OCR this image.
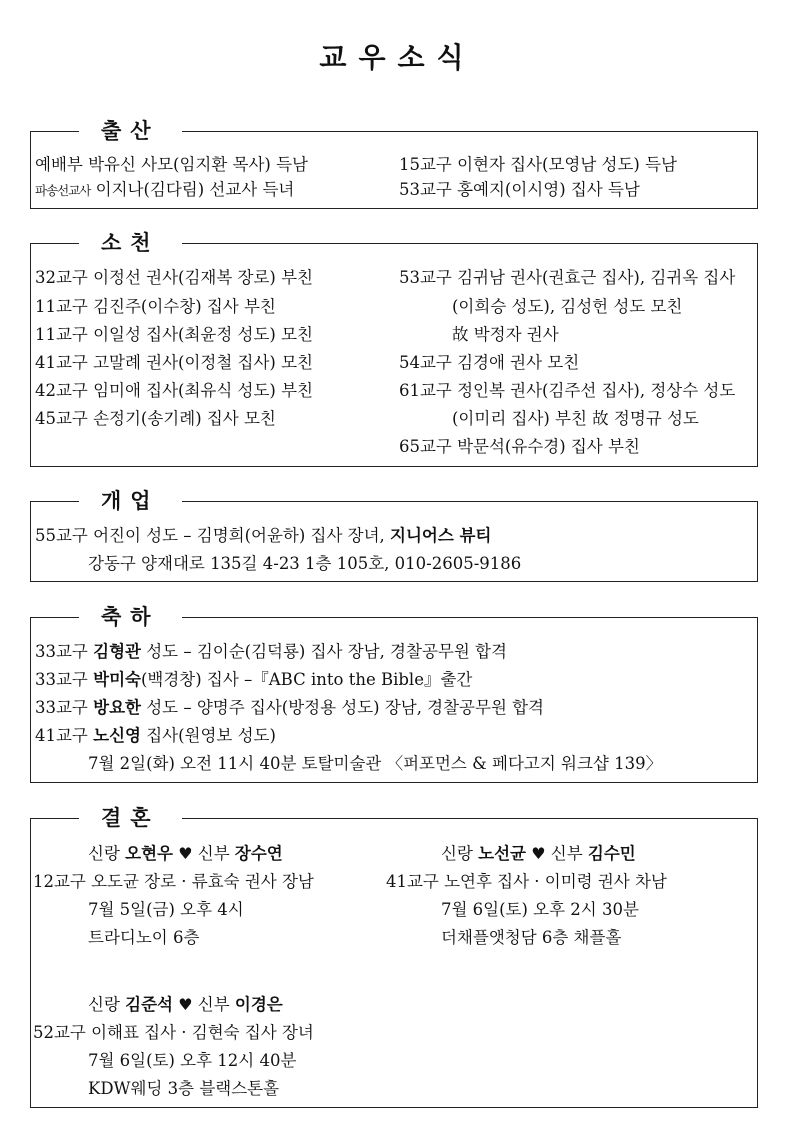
교우소식
출산
예배부 박유신 사모(임지환 목사) 득남
파송선교사 이지나(김다림) 선교사 득녀
15교구 이현자 집사(모영남 성도) 득남
53교구 홍예지(이시영) 집사 득남
소천
32교구 이정선 권사(김재복 장로) 부친
11교구 김진주(이수창) 집사 부친
11교구 이일성 집사(최윤정 성도) 모친
41교구 고말례 권사(이정철 집사) 모친
42교구 임미애 집사(최유식 성도) 부친
45교구 손정기(송기례) 집사 모친
53교구 김귀남 권사(권효근 집사), 김귀옥 집사
(이희승 성도), 김성헌 성도 모친
故 박정자 권사
54교구 김경애 권사 모친
61교구 정인복 권사(김주선 집사), 정상수 성도
(이미리 집사) 부친 故 정명규 성도
65교구 박문석(유수경) 집사 부친
개업
55교구 어진이 성도 – 김명희(어윤하) 집사 장녀, 지니어스 뷰티
강동구 양재대로 135길 4-23 1층 105호, 010-2605-9186
축하
33교구 김형관 성도 – 김이순(김덕룡) 집사 장남, 경찰공무원 합격
33교구 박미숙(백경창) 집사 –『ABC into the Bible』출간
33교구 방요한 성도 – 양명주 집사(방정용 성도) 장남, 경찰공무원 합격
41교구 노신영 집사(원영보 성도)
7월 2일(화) 오전 11시 40분 토탈미술관 〈퍼포먼스 & 페다고지 워크샵 139〉
결혼
신랑 오현우 ♥ 신부 장수연
12교구 오도균 장로 · 류효숙 권사 장남
7월 5일(금) 오후 4시
트라디노이 6층
신랑 노선균 ♥ 신부 김수민
41교구 노연후 집사 · 이미령 권사 차남
7월 6일(토) 오후 2시 30분
더채플앳청담 6층 채플홀
신랑 김준석 ♥ 신부 이경은
52교구 이해표 집사 · 김현숙 집사 장녀
7월 6일(토) 오후 12시 40분
KDW웨딩 3층 블랙스톤홀
